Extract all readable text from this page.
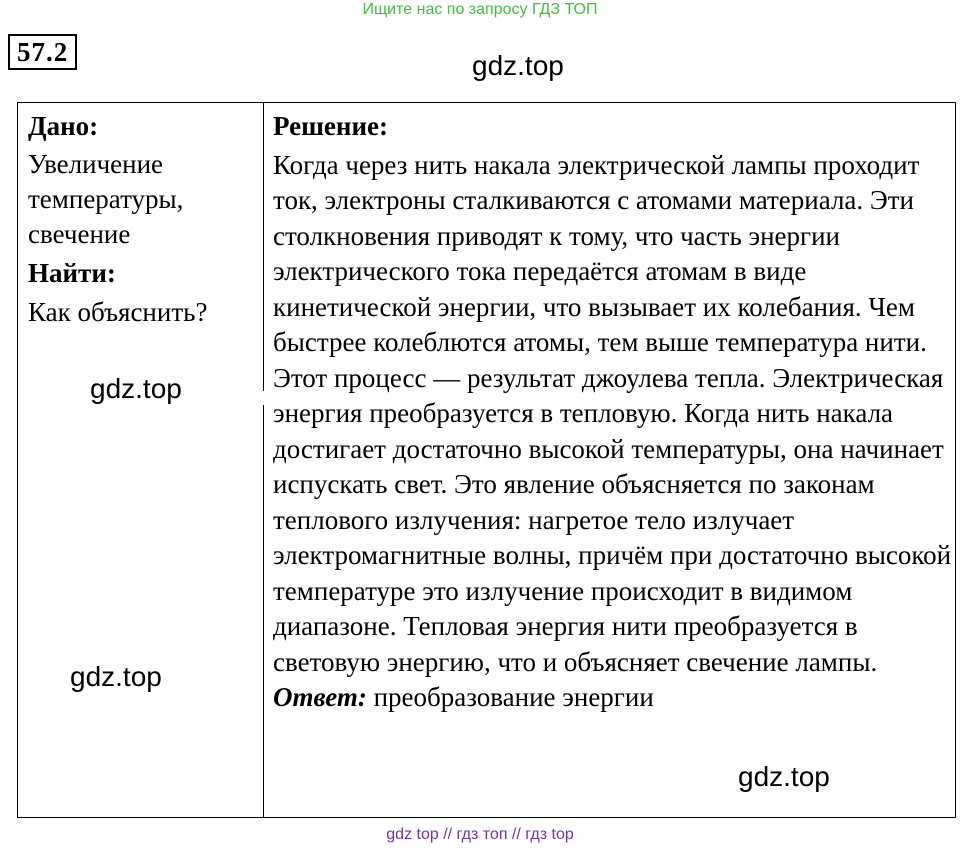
Ищите нас по запросу ГДЗ ТОП
57.2	gdz.top
Дано:
Увеличение температуры, свечение
Найти:
Как объяснить?
Решение:
Когда через нить накала электрической лампы проходит ток, электроны сталкиваются с атомами материала. Эти столкновения приводят к тому, что часть энергии электрического тока передаётся атомам в виде кинетической энергии, что вызывает их колебания. Чем быстрее колеблются атомы, тем выше температура нити. Этот процесс — результат джоулева тепла. Электрическая энергия преобразуется в тепловую. Когда нить накала достигает достаточно высокой температуры, она начинает испускать свет. Это явление объясняется по законам теплового излучения: нагретое тело излучает электромагнитные волны, причём при достаточно высокой температуре это излучение происходит в видимом диапазоне. Тепловая энергия нити преобразуется в световую энергию, что и объясняет свечение лампы.
Ответ: преобразование энергии
gdz.top
gdz.top
gdz.top
gdz top // гдз топ // гдз top
